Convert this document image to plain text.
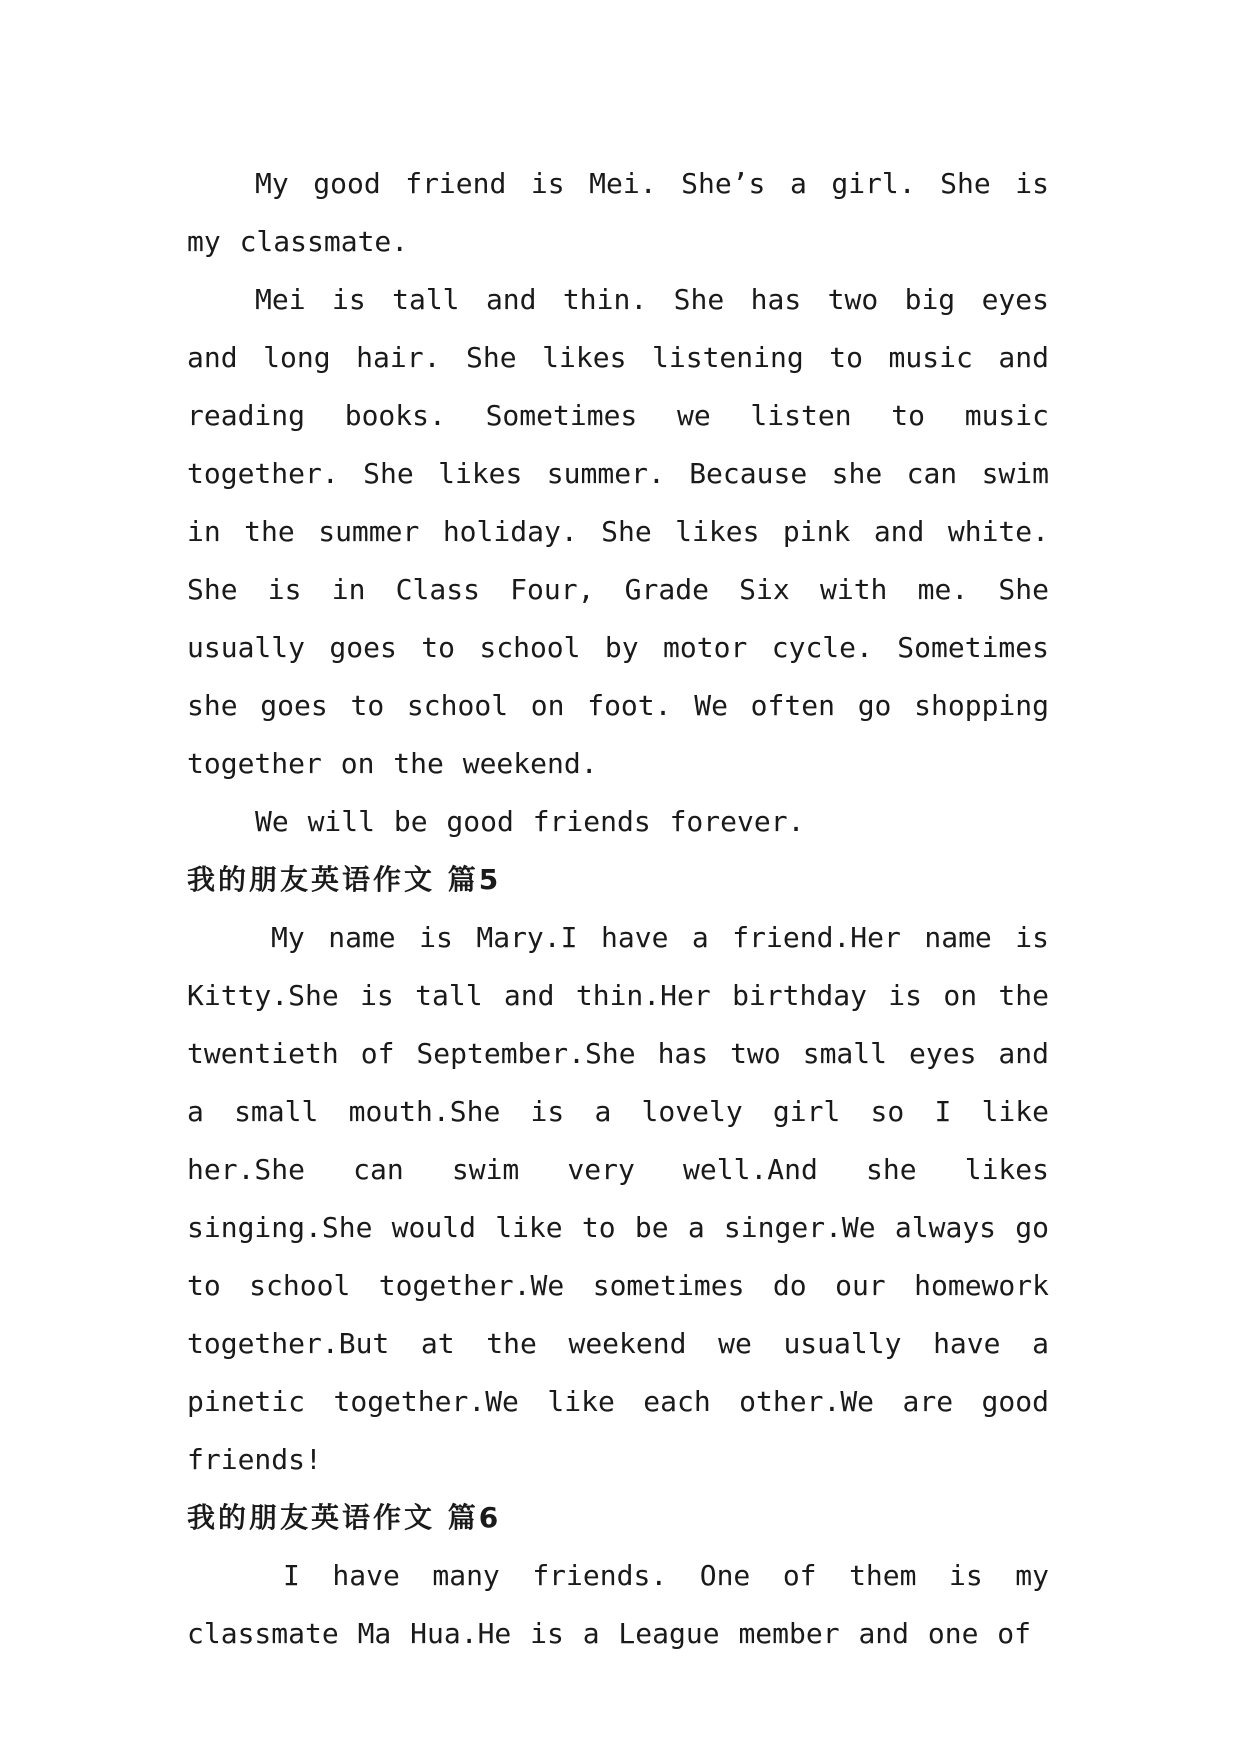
My good friend is Mei. She’s a girl. She is my classmate.

Mei is tall and thin. She has two big eyes and long hair. She likes listening to music and reading books. Sometimes we listen to music together. She likes summer. Because she can swim in the summer holiday. She likes pink and white. She is in Class Four, Grade Six with me. She usually goes to school by motor cycle. Sometimes she goes to school on foot. We often go shopping together on the weekend.

We will be good friends forever.

我的朋友英语作文 篇5

My name is Mary.I have a friend.Her name is Kitty.She is tall and thin.Her birthday is on the twentieth of September.She has two small eyes and a small mouth.She is a lovely girl so I like her.She can swim very well.And she likes singing.She would like to be a singer.We always go to school together.We sometimes do our homework together.But at the weekend we usually have a pinetic together.We like each other.We are good friends!

我的朋友英语作文 篇6

I have many friends. One of them is my classmate Ma Hua.He is a League member and one of
